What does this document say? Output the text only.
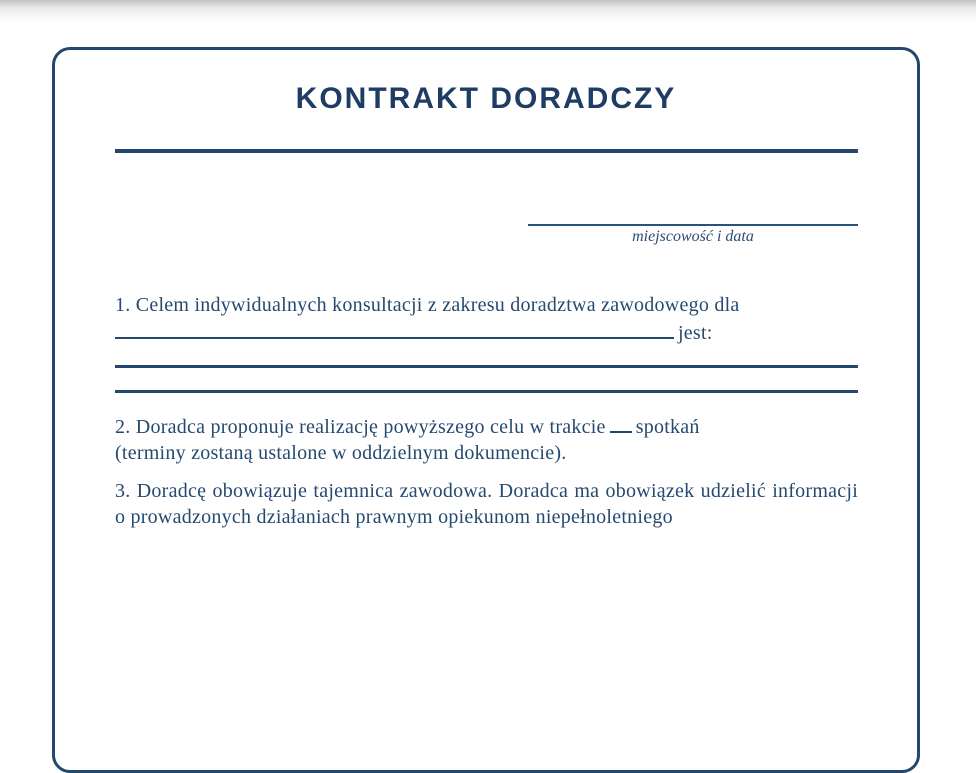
KONTRAKT DORADCZY
miejscowość i data
1. Celem indywidualnych konsultacji z zakresu doradztwa zawodowego dla
jest:
2. Doradca proponuje realizację powyższego celu w trakcie spotkań
(terminy zostaną ustalone w oddzielnym dokumencie).
3. Doradcę obowiązuje tajemnica zawodowa. Doradca ma obowiązek udzielić informacji o prowadzonych działaniach prawnym opiekunom niepełnoletniego
